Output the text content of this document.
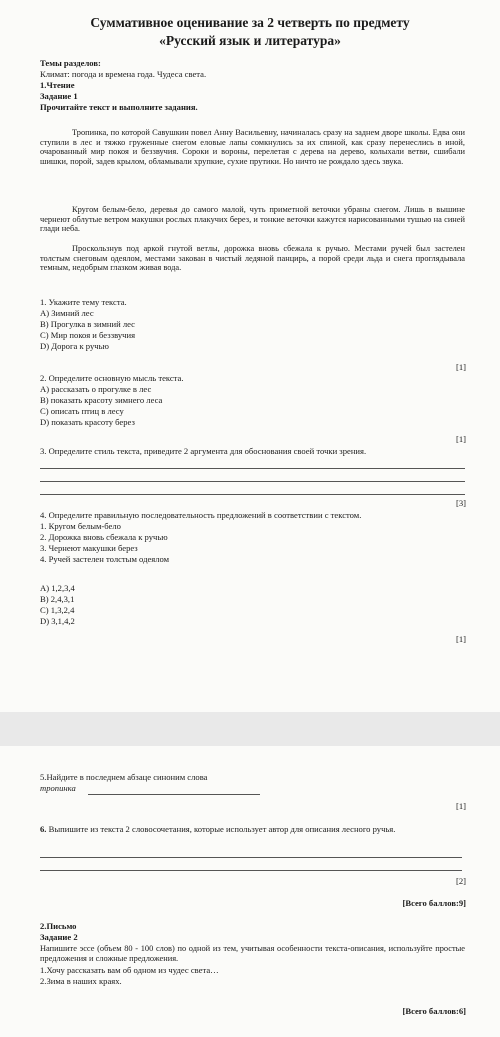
Суммативное оценивание за 2 четверть по предмету
«Русский язык и литература»
Темы разделов:
Климат: погода и времена года. Чудеса света.
1.Чтение
Задание 1
Прочитайте текст и выполните задания.
Тропинка, по которой Савушкин повел Анну Васильевну, начиналась сразу на заднем дворе школы. Едва они ступили в лес и тяжко груженные снегом еловые лапы сомкнулись за их спиной, как сразу перенеслись в иной, очарованный мир покоя и беззвучия. Сороки и вороны, перелетая с дерева на дерево, колыхали ветви, сшибали шишки, порой, задев крылом, обламывали хрупкие, сухие прутики. Но ничто не рождало здесь звука.
Кругом белым-бело, деревья до самого малой, чуть приметной веточки убраны снегом. Лишь в вышине чернеют облутые ветром макушки рослых плакучих берез, и тонкие веточки кажутся нарисованными тушью на синей глади неба.
Проскользнув под аркой гнутой ветлы, дорожка вновь сбежала к ручью. Местами ручей был застелен толстым снеговым одеялом, местами закован в чистый ледяной панцирь, а порой среди льда и снега проглядывала темным, недобрым глазком живая вода.
1. Укажите тему текста.
А) Зимний лес
В) Прогулка в зимний лес
С) Мир покоя и беззвучия
D) Дорога к ручью
[1]
2. Определите основную мысль текста.
А) рассказать о прогулке в лес
В) показать красоту зимнего леса
С) описать птиц в лесу
D) показать красоту берез
[1]
3. Определите стиль текста, приведите 2 аргумента для обоснования своей точки зрения.
[3]
4. Определите правильную последовательность предложений в соответствии с текстом.
1. Кругом белым-бело
2. Дорожка вновь сбежала к ручью
3. Чернеют макушки берез
4. Ручей застелен толстым одеялом
А) 1,2,3,4
В) 2,4,3,1
С) 1,3,2,4
D) 3,1,4,2
[1]
5.Найдите в последнем абзаце синоним слова
тропинка
[1]
6. Выпишите из текста 2 словосочетания, которые использует автор для описания лесного ручья.
[2]
[Всего баллов:9]
2.Письмо
Задание 2
Напишите эссе (объем 80 - 100 слов) по одной из тем, учитывая особенности текста-описания, используйте простые предложения и сложные предложения.
1.Хочу рассказать вам об одном из чудес света…
2.Зима в наших краях.
[Всего баллов:6]
